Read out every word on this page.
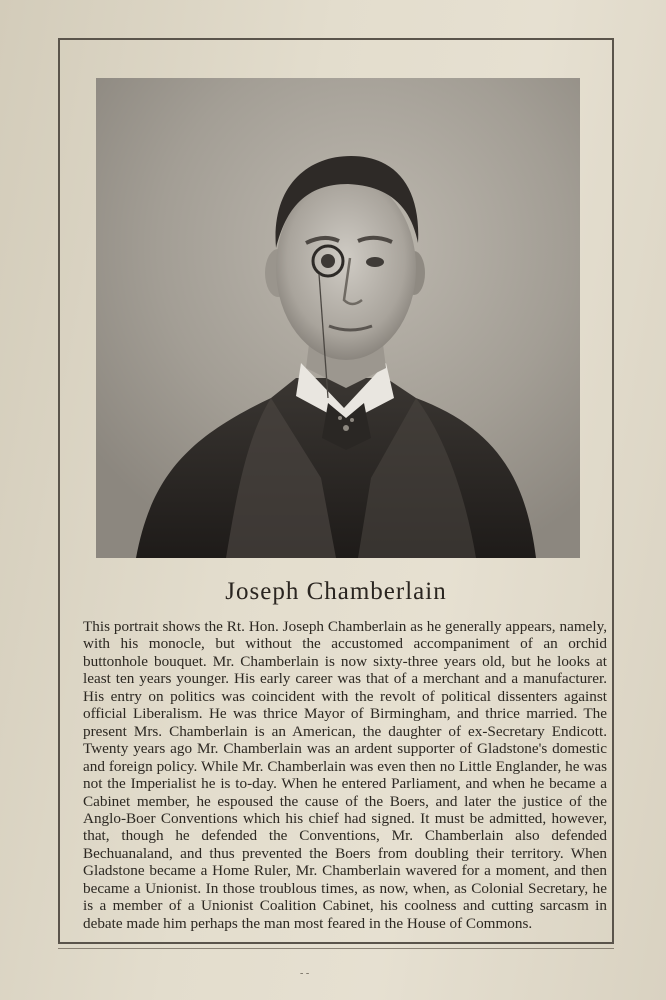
Joseph Chamberlain
This portrait shows the Rt. Hon. Joseph Chamberlain as he generally appears, namely, with his monocle, but without the accustomed accompaniment of an orchid buttonhole bouquet. Mr. Chamberlain is now sixty-three years old, but he looks at least ten years younger. His early career was that of a merchant and a manufacturer. His entry on politics was coincident with the revolt of political dissenters against official Liberalism. He was thrice Mayor of Birmingham, and thrice married. The present Mrs. Chamberlain is an American, the daughter of ex-Secretary Endicott. Twenty years ago Mr. Chamberlain was an ardent supporter of Gladstone's domestic and foreign policy. While Mr. Chamberlain was even then no Little Englander, he was not the Imperialist he is to-day. When he entered Parliament, and when he became a Cabinet member, he espoused the cause of the Boers, and later the justice of the Anglo-Boer Conventions which his chief had signed. It must be admitted, however, that, though he defended the Conventions, Mr. Chamberlain also defended Bechuanaland, and thus prevented the Boers from doubling their territory. When Gladstone became a Home Ruler, Mr. Chamberlain wavered for a moment, and then became a Unionist. In those troublous times, as now, when, as Colonial Secretary, he is a member of a Unionist Coalition Cabinet, his coolness and cutting sarcasm in debate made him perhaps the man most feared in the House of Commons.
- -
